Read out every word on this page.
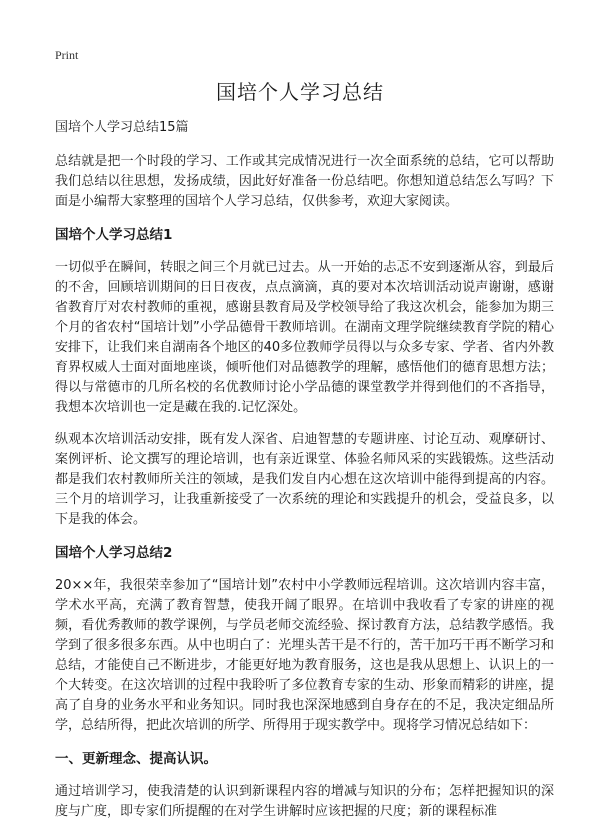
Print
国培个人学习总结
国培个人学习总结15篇

总结就是把一个时段的学习、工作或其完成情况进行一次全面系统的总结，它可以帮助我们总结以往思想，发扬成绩，因此好好准备一份总结吧。你想知道总结怎么写吗？下面是小编帮大家整理的国培个人学习总结，仅供参考，欢迎大家阅读。

国培个人学习总结1

一切似乎在瞬间，转眼之间三个月就已过去。从一开始的忐忑不安到逐渐从容，到最后的不舍，回顾培训期间的日日夜夜，点点滴滴，真的要对本次培训活动说声谢谢，感谢省教育厅对农村教师的重视，感谢县教育局及学校领导给了我这次机会，能参加为期三个月的省农村“国培计划”小学品德骨干教师培训。在湖南文理学院继续教育学院的精心安排下，让我们来自湖南各个地区的40多位教师学员得以与众多专家、学者、省内外教育界权威人士面对面地座谈，倾听他们对品德教学的理解，感悟他们的德育思想方法；得以与常德市的几所名校的名优教师讨论小学品德的课堂教学并得到他们的不吝指导，我想本次培训也一定是藏在我的.记忆深处。

纵观本次培训活动安排，既有发人深省、启迪智慧的专题讲座、讨论互动、观摩研讨、案例评析、论文撰写的理论培训，也有亲近课堂、体验名师风采的实践锻炼。这些活动都是我们农村教师所关注的领域，是我们发自内心想在这次培训中能得到提高的内容。三个月的培训学习，让我重新接受了一次系统的理论和实践提升的机会，受益良多，以下是我的体会。

国培个人学习总结2

20××年，我很荣幸参加了“国培计划”农村中小学教师远程培训。这次培训内容丰富，学术水平高，充满了教育智慧，使我开阔了眼界。在培训中我收看了专家的讲座的视频，看优秀教师的教学课例，与学员老师交流经验、探讨教育方法，总结教学感悟。我学到了很多很多东西。从中也明白了：光埋头苦干是不行的，苦干加巧干再不断学习和总结，才能使自己不断进步，才能更好地为教育服务，这也是我从思想上、认识上的一个大转变。在这次培训的过程中我聆听了多位教育专家的生动、形象而精彩的讲座，提高了自身的业务水平和业务知识。同时我也深深地感到自身存在的不足，我决定细品所学，总结所得，把此次培训的所学、所得用于现实教学中。现将学习情况总结如下：

一、更新理念、提高认识。

通过培训学习，使我清楚的认识到新课程内容的增减与知识的分布；怎样把握知识的深度与广度，即专家们所提醒的在对学生讲解时应该把握的尺度；新的课程标准
